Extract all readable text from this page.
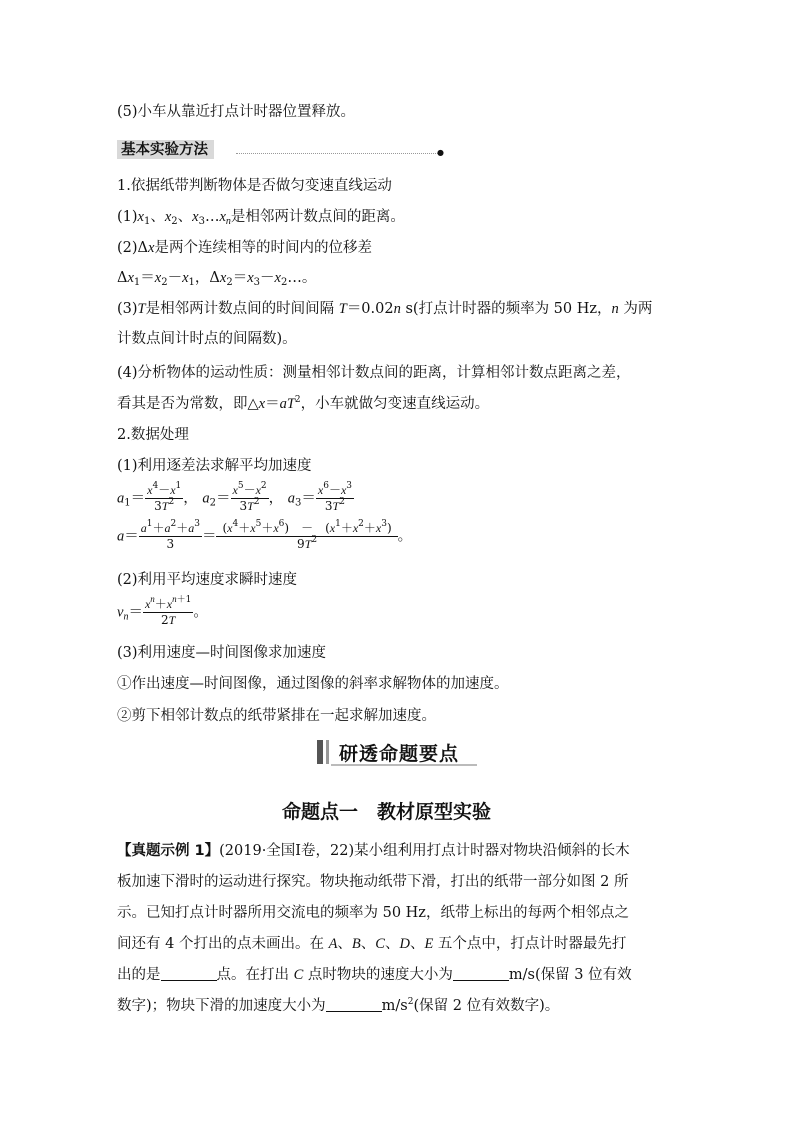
(5)小车从靠近打点计时器位置释放。
基本实验方法	●
1.依据纸带判断物体是否做匀变速直线运动
$(1)x_1$、$x_2$、$x_3\dots x_n$是相邻两计数点间的距离。
(2)Δx是两个连续相等的时间内的位移差
$\Delta x_1=x_2-x_1$，$\Delta x_2=x_3-x_2\dots$。
(3)T是相邻两计数点间的时间间隔 T＝0.02n s(打点计时器的频率为 50 Hz，n 为两
计数点间计时点的间隔数)。
(4)分析物体的运动性质：测量相邻计数点间的距离，计算相邻计数点距离之差，
看其是否为常数，即$\triangle x=aT^2$，小车就做匀变速直线运动。
2.数据处理
(1)利用逐差法求解平均加速度
$a_1= \frac{x^4-x^1}{3T^2}$ ， $a_2= \frac{x^5-x^2}{3T^2}$ ， $a_3= \frac{x^6-x^3}{3T^2}$
$a= \frac{a^1+a^2+a^3}{3} = \frac{(x^4+x^5+x^6) - (x^1+x^2+x^3)}{9T^2}$ 。
(2)利用平均速度求瞬时速度
$v_n= \frac{x^n+x^{n+1}}{2T}$ 。
(3)利用速度—时间图像求加速度
①作出速度—时间图像，通过图像的斜率求解物体的加速度。
②剪下相邻计数点的纸带紧排在一起求解加速度。
研透命题要点
命题点一　教材原型实验
【真题示例 1】(2019·全国Ⅰ卷，22)某小组利用打点计时器对物块沿倾斜的长木
板加速下滑时的运动进行探究。物块拖动纸带下滑，打出的纸带一部分如图 2 所
示。已知打点计时器所用交流电的频率为 50 Hz，纸带上标出的每两个相邻点之
间还有 4 个打出的点未画出。在 A、B、C、D、E 五个点中，打点计时器最先打
出的是	点。在打出 C 点时物块的速度大小为	m/s(保留 3 位有效
数字)；物块下滑的加速度大小为	$m/s^2$(保留 2 位有效数字)。
